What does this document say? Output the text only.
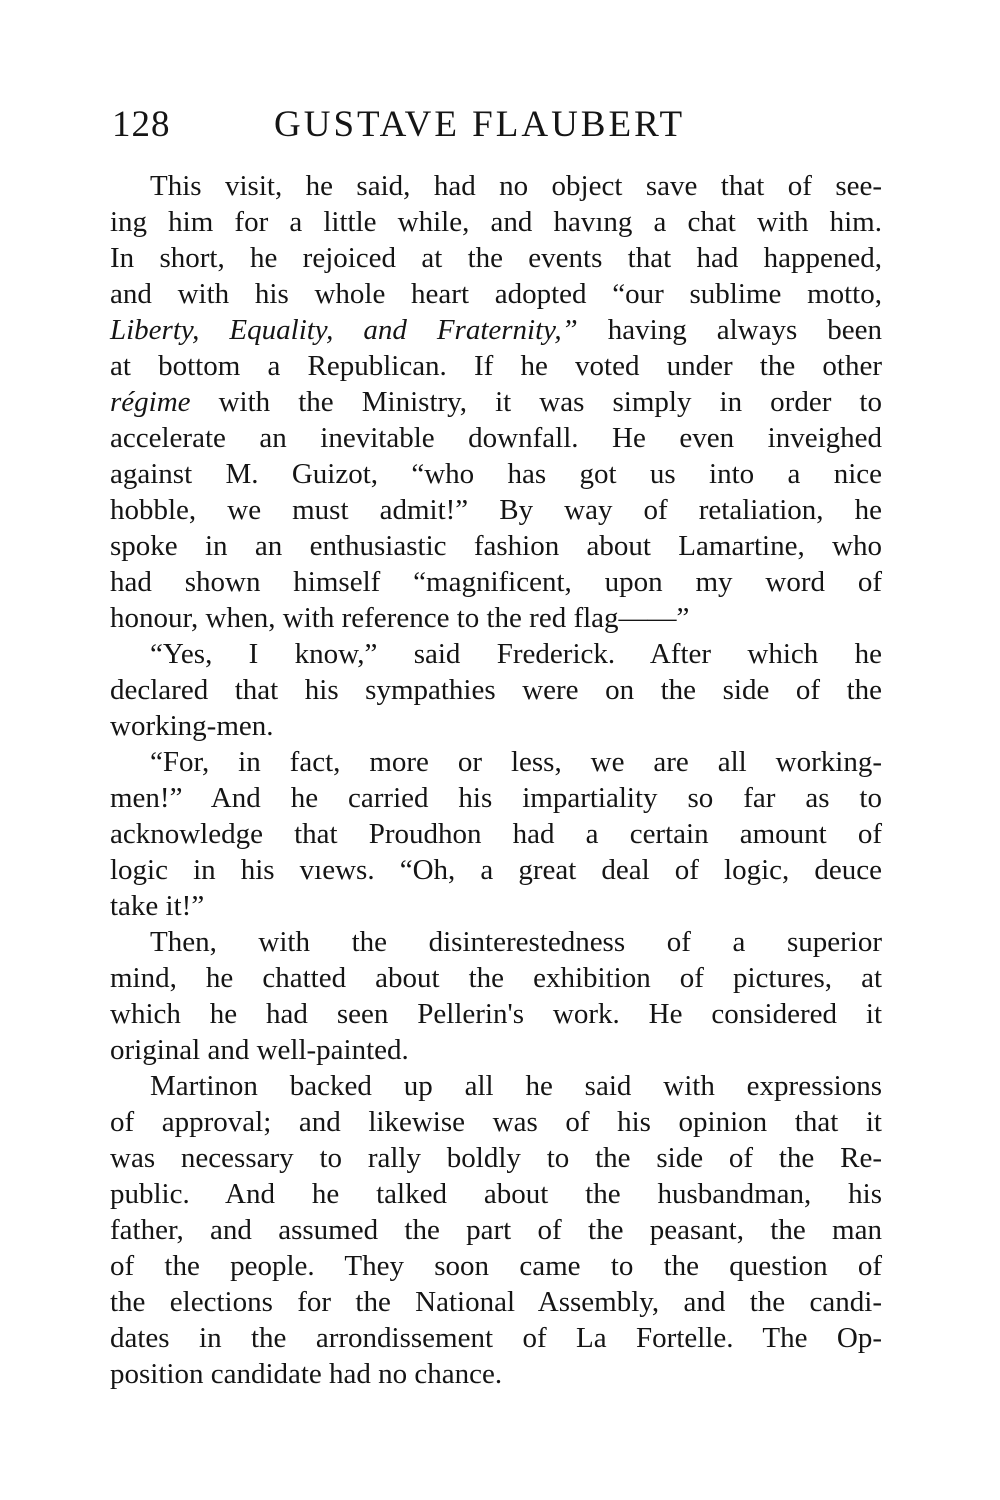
128	GUSTAVE FLAUBERT
This visit, he said, had no object save that of see-
ing him for a little while, and havıng a chat with him.
In short, he rejoiced at the events that had happened,
and with his whole heart adopted “our sublime motto,
Liberty, Equality, and Fraternity,” having always been
at bottom a Republican. If he voted under the other
régime with the Ministry, it was simply in order to
accelerate an inevitable downfall. He even inveighed
against M. Guizot, “who has got us into a nice
hobble, we must admit!” By way of retaliation, he
spoke in an enthusiastic fashion about Lamartine, who
had shown himself “magnificent, upon my word of
honour, when, with reference to the red flag——”
“Yes, I know,” said Frederick. After which he
declared that his sympathies were on the side of the
working-men.
“For, in fact, more or less, we are all working-
men!” And he carried his impartiality so far as to
acknowledge that Proudhon had a certain amount of
logic in his vıews. “Oh, a great deal of logic, deuce
take it!”
Then, with the disinterestedness of a superior
mind, he chatted about the exhibition of pictures, at
which he had seen Pellerin's work. He considered it
original and well-painted.
Martinon backed up all he said with expressions
of approval; and likewise was of his opinion that it
was necessary to rally boldly to the side of the Re-
public. And he talked about the husbandman, his
father, and assumed the part of the peasant, the man
of the people. They soon came to the question of
the elections for the National Assembly, and the candi-
dates in the arrondissement of La Fortelle. The Op-
position candidate had no chance.
